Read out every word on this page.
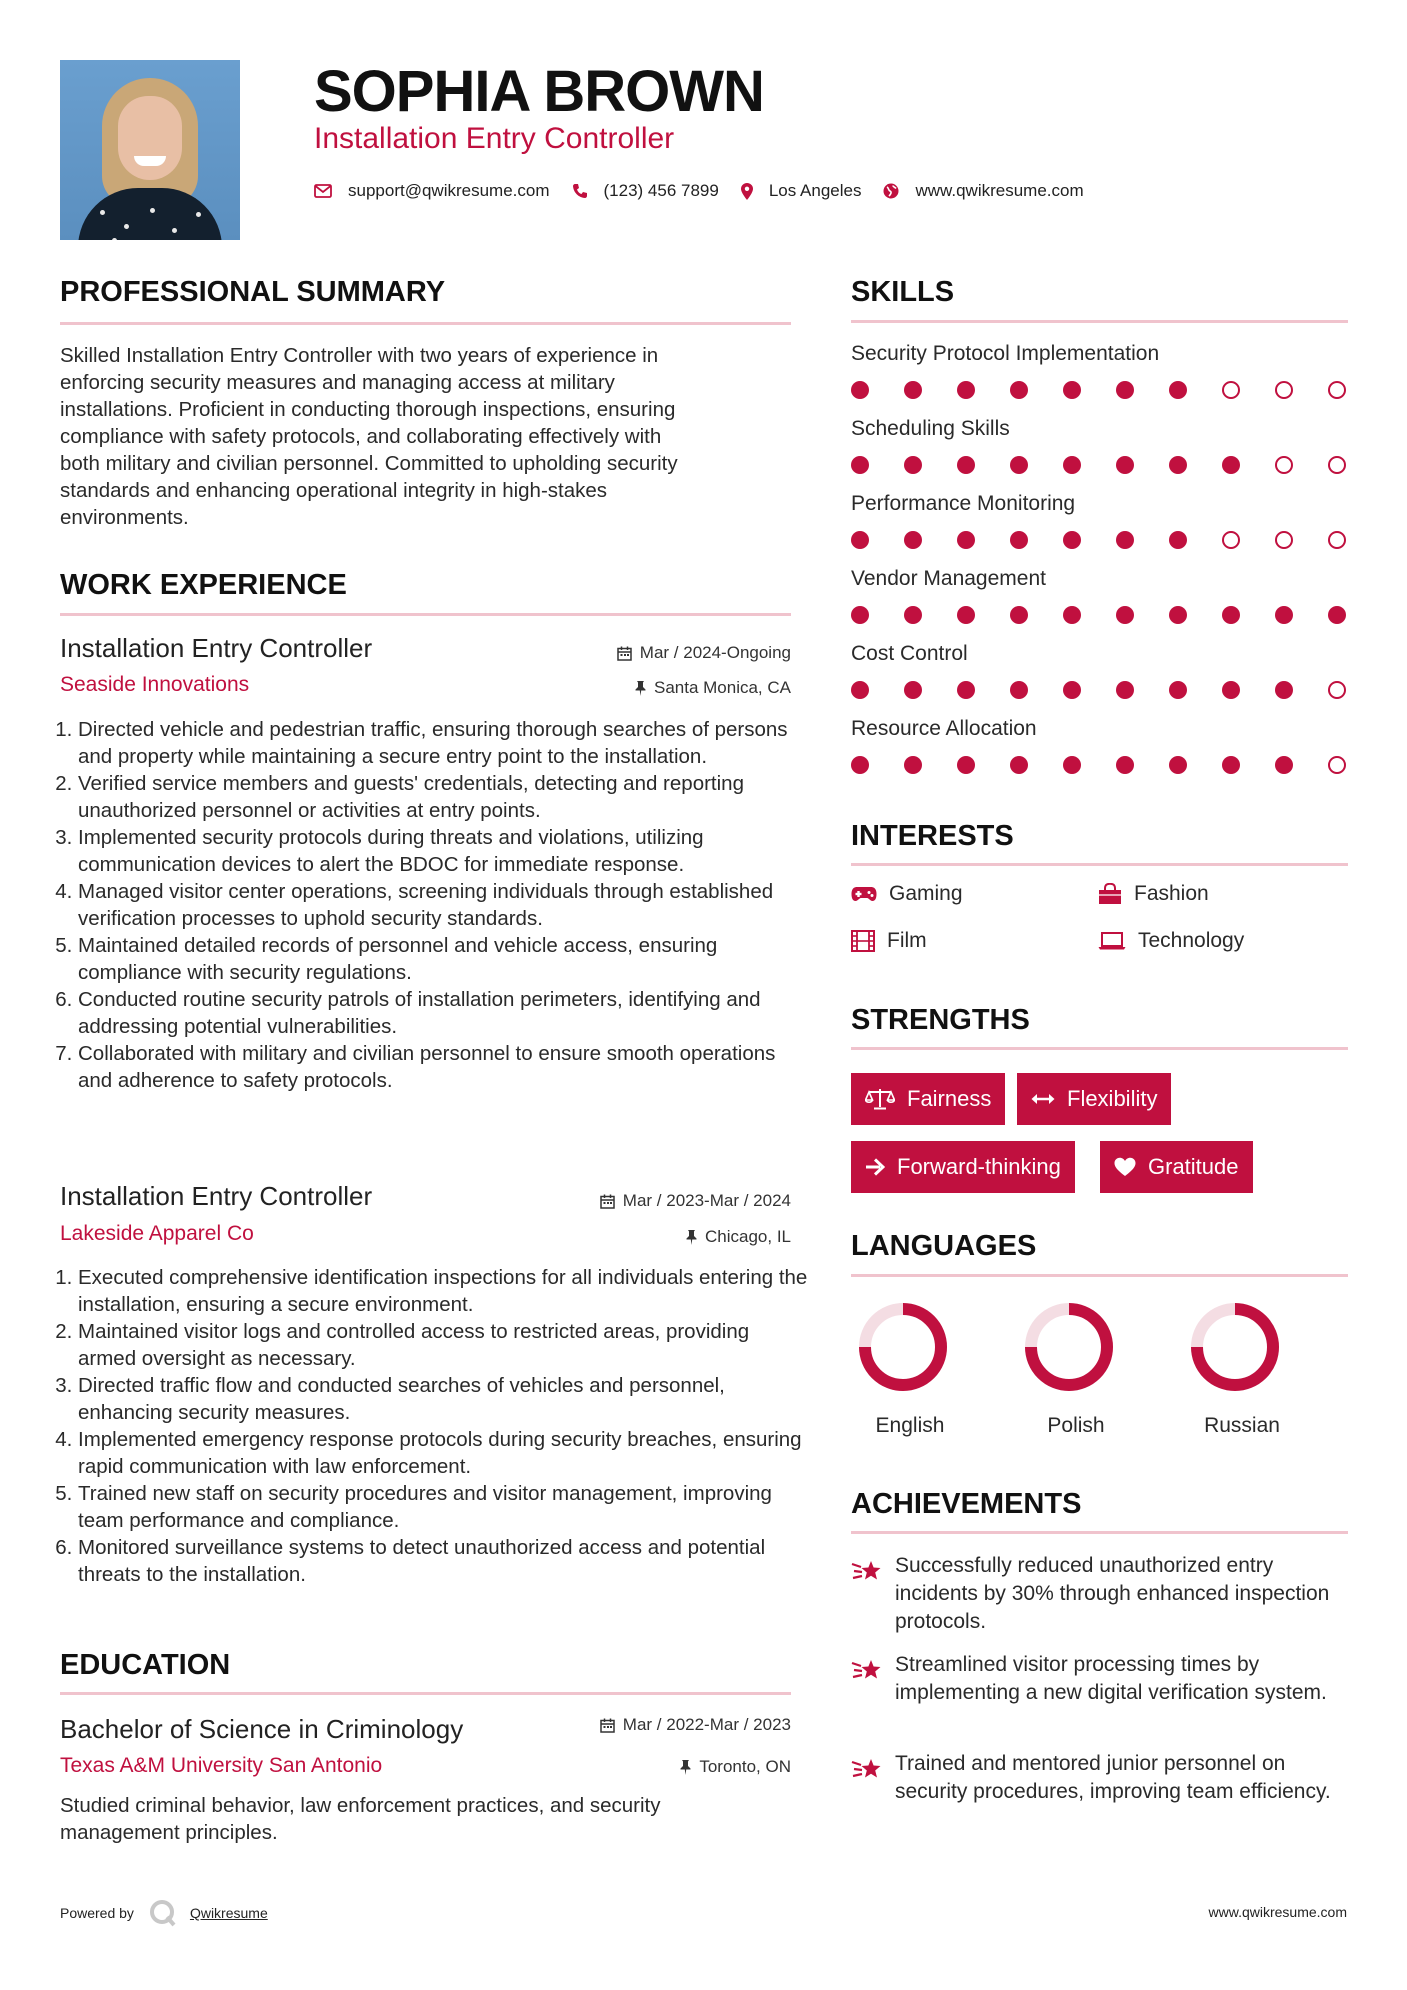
SOPHIA BROWN
Installation Entry Controller
support@qwikresume.com	(123) 456 7899	Los Angeles	www.qwikresume.com
PROFESSIONAL SUMMARY
Skilled Installation Entry Controller with two years of experience in
enforcing security measures and managing access at military
installations. Proficient in conducting thorough inspections, ensuring
compliance with safety protocols, and collaborating effectively with
both military and civilian personnel. Committed to upholding security
standards and enhancing operational integrity in high-stakes
environments.
WORK EXPERIENCE
Installation Entry Controller	Mar / 2024-Ongoing
Seaside Innovations	Santa Monica, CA
1. Directed vehicle and pedestrian traffic, ensuring thorough searches of persons and property while maintaining a secure entry point to the installation.
2. Verified service members and guests' credentials, detecting and reporting unauthorized personnel or activities at entry points.
3. Implemented security protocols during threats and violations, utilizing communication devices to alert the BDOC for immediate response.
4. Managed visitor center operations, screening individuals through established verification processes to uphold security standards.
5. Maintained detailed records of personnel and vehicle access, ensuring compliance with security regulations.
6. Conducted routine security patrols of installation perimeters, identifying and addressing potential vulnerabilities.
7. Collaborated with military and civilian personnel to ensure smooth operations and adherence to safety protocols.
Installation Entry Controller	Mar / 2023-Mar / 2024
Lakeside Apparel Co	Chicago, IL
1. Executed comprehensive identification inspections for all individuals entering the installation, ensuring a secure environment.
2. Maintained visitor logs and controlled access to restricted areas, providing armed oversight as necessary.
3. Directed traffic flow and conducted searches of vehicles and personnel, enhancing security measures.
4. Implemented emergency response protocols during security breaches, ensuring rapid communication with law enforcement.
5. Trained new staff on security procedures and visitor management, improving team performance and compliance.
6. Monitored surveillance systems to detect unauthorized access and potential threats to the installation.
EDUCATION
Bachelor of Science in Criminology	Mar / 2022-Mar / 2023
Texas A&M University San Antonio	Toronto, ON
Studied criminal behavior, law enforcement practices, and security
management principles.
SKILLS
Security Protocol Implementation
Scheduling Skills
Performance Monitoring
Vendor Management
Cost Control
Resource Allocation
INTERESTS
Gaming	Fashion
Film	Technology
STRENGTHS
Fairness	Flexibility
Forward-thinking	Gratitude
LANGUAGES
English	Polish	Russian
ACHIEVEMENTS
Successfully reduced unauthorized entry incidents by 30% through enhanced inspection protocols.
Streamlined visitor processing times by implementing a new digital verification system.
Trained and mentored junior personnel on security procedures, improving team efficiency.
Powered by	Qwikresume	www.qwikresume.com
